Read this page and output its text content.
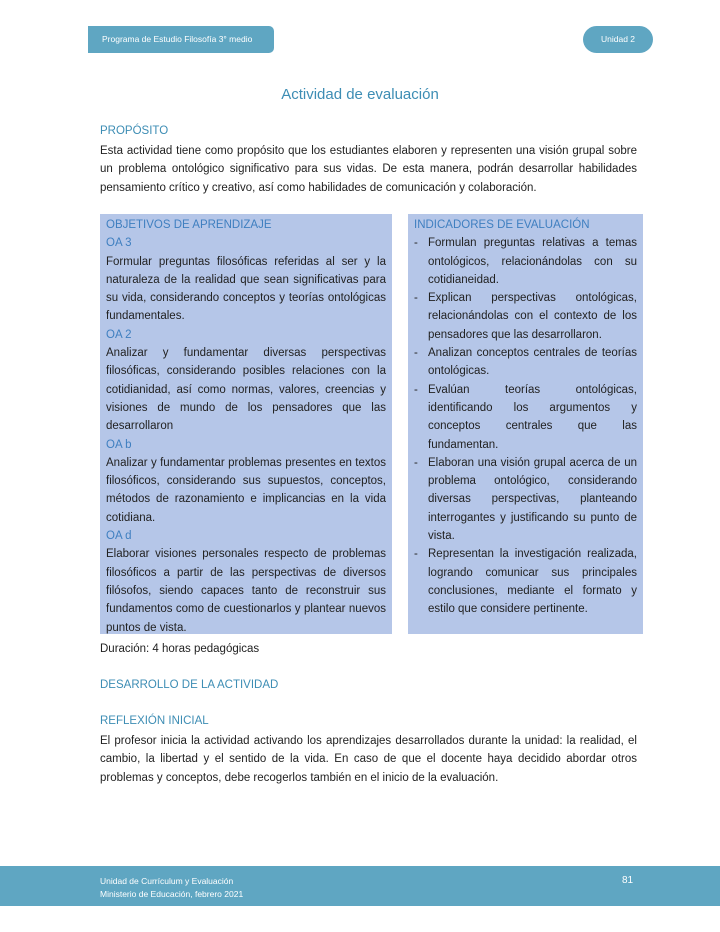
Programa de Estudio Filosofía 3° medio	Unidad 2
Actividad de evaluación
PROPÓSITO
Esta actividad tiene como propósito que los estudiantes elaboren y representen una visión grupal sobre un problema ontológico significativo para sus vidas. De esta manera, podrán desarrollar habilidades pensamiento crítico y creativo, así como habilidades de comunicación y colaboración.
OBJETIVOS DE APRENDIZAJE
OA 3
Formular preguntas filosóficas referidas al ser y la naturaleza de la realidad que sean significativas para su vida, considerando conceptos y teorías ontológicas fundamentales.
OA 2
Analizar y fundamentar diversas perspectivas filosóficas, considerando posibles relaciones con la cotidianidad, así como normas, valores, creencias y visiones de mundo de los pensadores que las desarrollaron
OA b
Analizar y fundamentar problemas presentes en textos filosóficos, considerando sus supuestos, conceptos, métodos de razonamiento e implicancias en la vida cotidiana.
OA d
Elaborar visiones personales respecto de problemas filosóficos a partir de las perspectivas de diversos filósofos, siendo capaces tanto de reconstruir sus fundamentos como de cuestionarlos y plantear nuevos puntos de vista.
INDICADORES DE EVALUACIÓN
- Formulan preguntas relativas a temas ontológicos, relacionándolas con su cotidianeidad.
- Explican perspectivas ontológicas, relacionándolas con el contexto de los pensadores que las desarrollaron.
- Analizan conceptos centrales de teorías ontológicas.
- Evalúan teorías ontológicas, identificando los argumentos y conceptos centrales que las fundamentan.
- Elaboran una visión grupal acerca de un problema ontológico, considerando diversas perspectivas, planteando interrogantes y justificando su punto de vista.
- Representan la investigación realizada, logrando comunicar sus principales conclusiones, mediante el formato y estilo que considere pertinente.
Duración: 4 horas pedagógicas
DESARROLLO DE LA ACTIVIDAD
REFLEXIÓN INICIAL
El profesor inicia la actividad activando los aprendizajes desarrollados durante la unidad: la realidad, el cambio, la libertad y el sentido de la vida. En caso de que el docente haya decidido abordar otros problemas y conceptos, debe recogerlos también en el inicio de la evaluación.
Unidad de Currículum y Evaluación
Ministerio de Educación, febrero 2021
81
